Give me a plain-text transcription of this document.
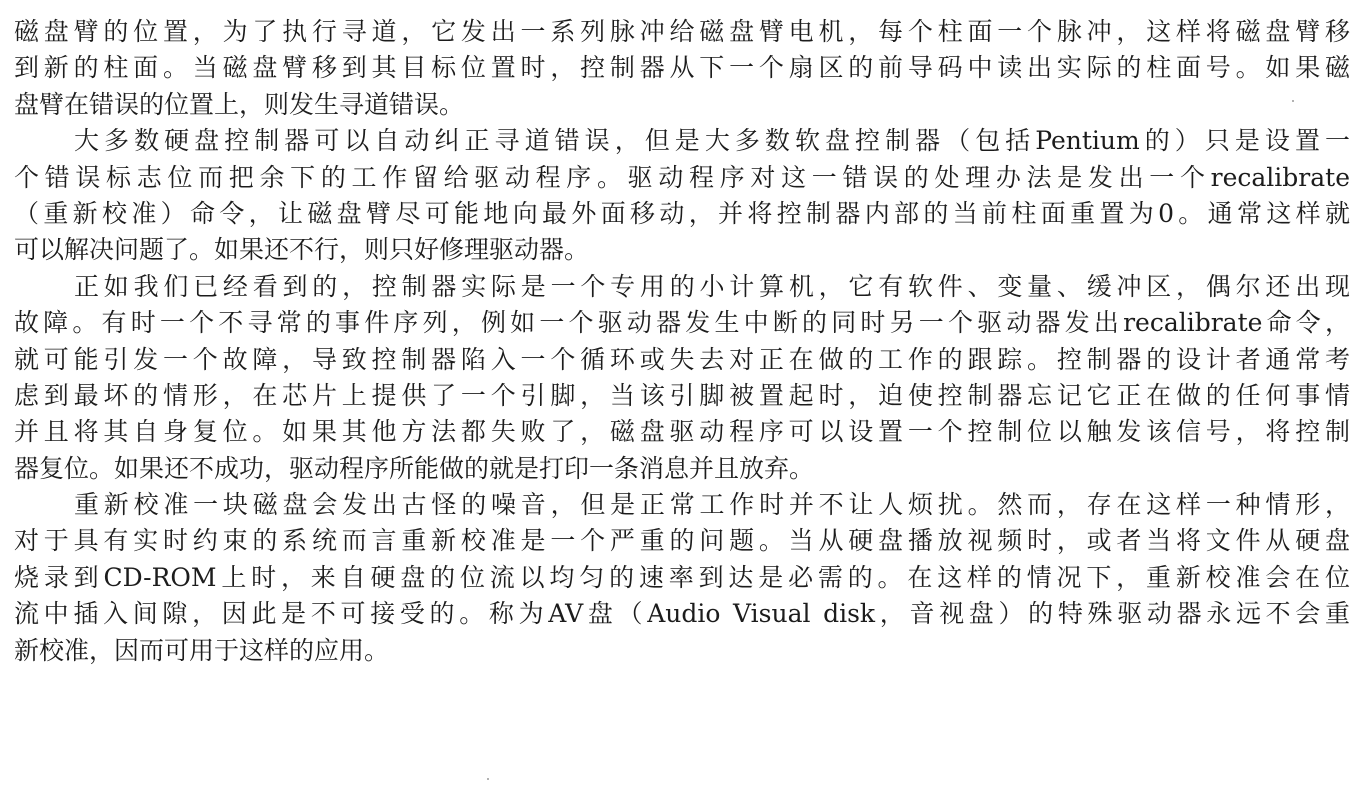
磁盘臂的位置，为了执行寻道，它发出一系列脉冲给磁盘臂电机，每个柱面一个脉冲，这样将磁盘臂移
到新的柱面。当磁盘臂移到其目标位置时，控制器从下一个扇区的前导码中读出实际的柱面号。如果磁
盘臂在错误的位置上，则发生寻道错误。
大多数硬盘控制器可以自动纠正寻道错误，但是大多数软盘控制器（包括Pentium的）只是设置一
个错误标志位而把余下的工作留给驱动程序。驱动程序对这一错误的处理办法是发出一个recalibrate
（重新校准）命令，让磁盘臂尽可能地向最外面移动，并将控制器内部的当前柱面重置为0。通常这样就
可以解决问题了。如果还不行，则只好修理驱动器。
正如我们已经看到的，控制器实际是一个专用的小计算机，它有软件、变量、缓冲区，偶尔还出现
故障。有时一个不寻常的事件序列，例如一个驱动器发生中断的同时另一个驱动器发出recalibrate命令，
就可能引发一个故障，导致控制器陷入一个循环或失去对正在做的工作的跟踪。控制器的设计者通常考
虑到最坏的情形，在芯片上提供了一个引脚，当该引脚被置起时，迫使控制器忘记它正在做的任何事情
并且将其自身复位。如果其他方法都失败了，磁盘驱动程序可以设置一个控制位以触发该信号，将控制
器复位。如果还不成功，驱动程序所能做的就是打印一条消息并且放弃。
重新校准一块磁盘会发出古怪的噪音，但是正常工作时并不让人烦扰。然而，存在这样一种情形，
对于具有实时约束的系统而言重新校准是一个严重的问题。当从硬盘播放视频时，或者当将文件从硬盘
烧录到CD-ROM上时，来自硬盘的位流以均匀的速率到达是必需的。在这样的情况下，重新校准会在位
流中插入间隙，因此是不可接受的。称为AV盘（Audio Visual disk，音视盘）的特殊驱动器永远不会重
新校准，因而可用于这样的应用。
